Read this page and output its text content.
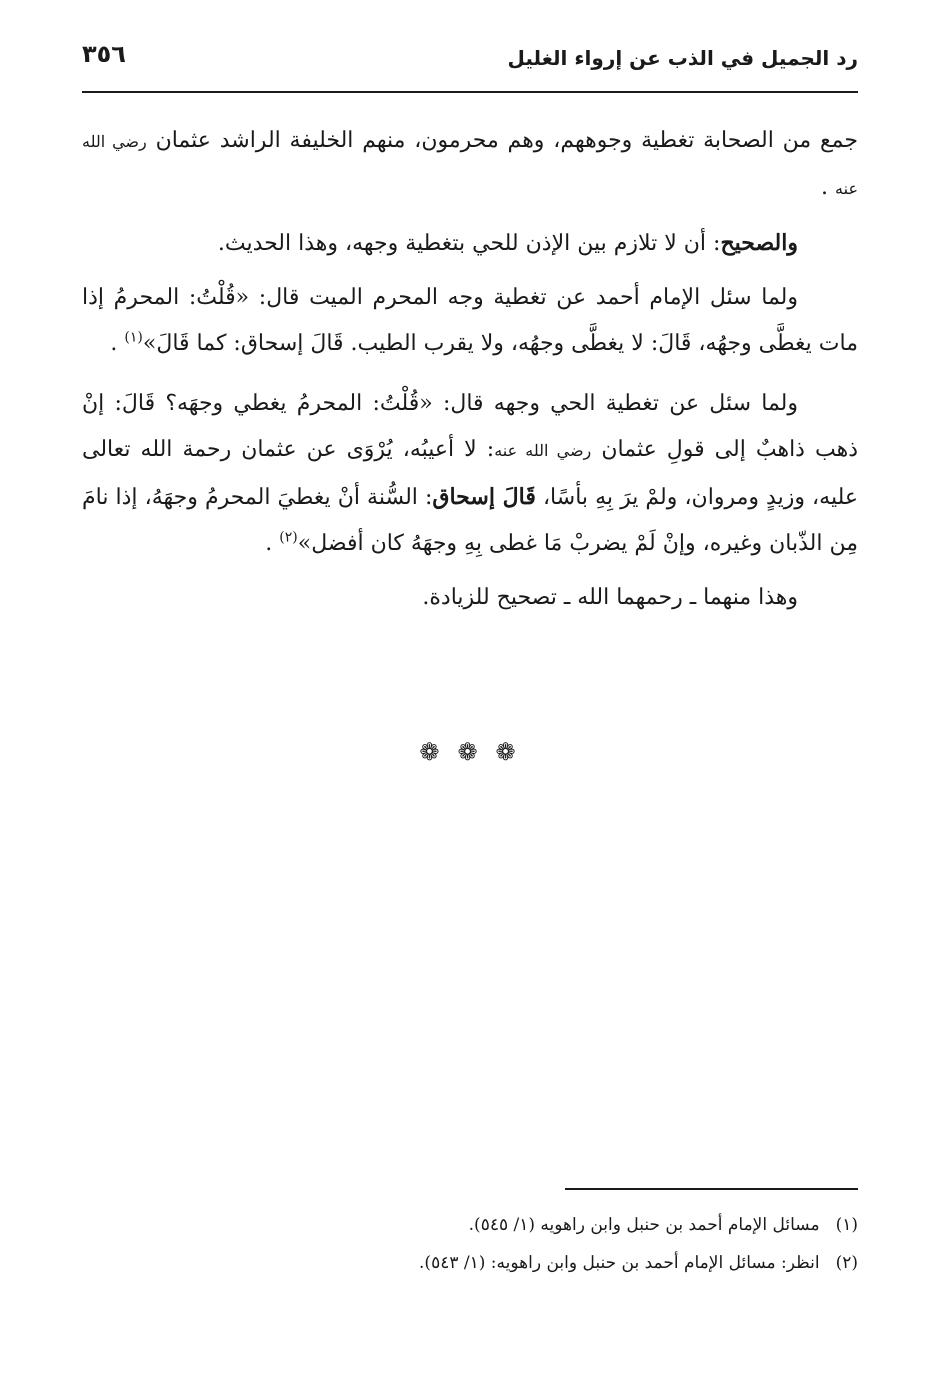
رد الجميل في الذب عن إرواء الغليل
٣٥٦

جمع من الصحابة تغطية وجوههم، وهم محرمون، منهم الخليفة الراشد عثمان رضي الله عنه .

والصحيح: أن لا تلازم بين الإذن للحي بتغطية وجهه، وهذا الحديث.

ولما سئل الإمام أحمد عن تغطية وجه المحرم الميت قال: «قُلْتُ: المحرمُ إذا مات يغطَّى وجهُه، قَالَ: لا يغطَّى وجهُه، ولا يقرب الطيب. قَالَ إسحاق: كما قَالَ»$^{(١)}$ .

ولما سئل عن تغطية الحي وجهه قال: «قُلْتُ: المحرمُ يغطي وجهَه؟ قَالَ: إنْ ذهب ذاهبٌ إلى قولِ عثمان رضي الله عنه: لا أعيبُه، يُرْوَى عن عثمان رحمة الله تعالى عليه، وزيدٍ ومروان، ولمْ يرَ بِهِ بأسًا، قَالَ إسحاق: السُّنة أنْ يغطيَ المحرمُ وجهَهُ، إذا نامَ مِن الذّبان وغيره، وإنْ لَمْ يضربْ مَا غطى بِهِ وجهَهُ كان أفضل»$^{(٢)}$ .

وهذا منهما ـ رحمهما الله ـ تصحيح للزيادة.

❁ ❁ ❁
(١)
مسائل الإمام أحمد بن حنبل وابن راهويه (١/ ٥٤٥).
(٢)
انظر: مسائل الإمام أحمد بن حنبل وابن راهويه: (١/ ٥٤٣).
